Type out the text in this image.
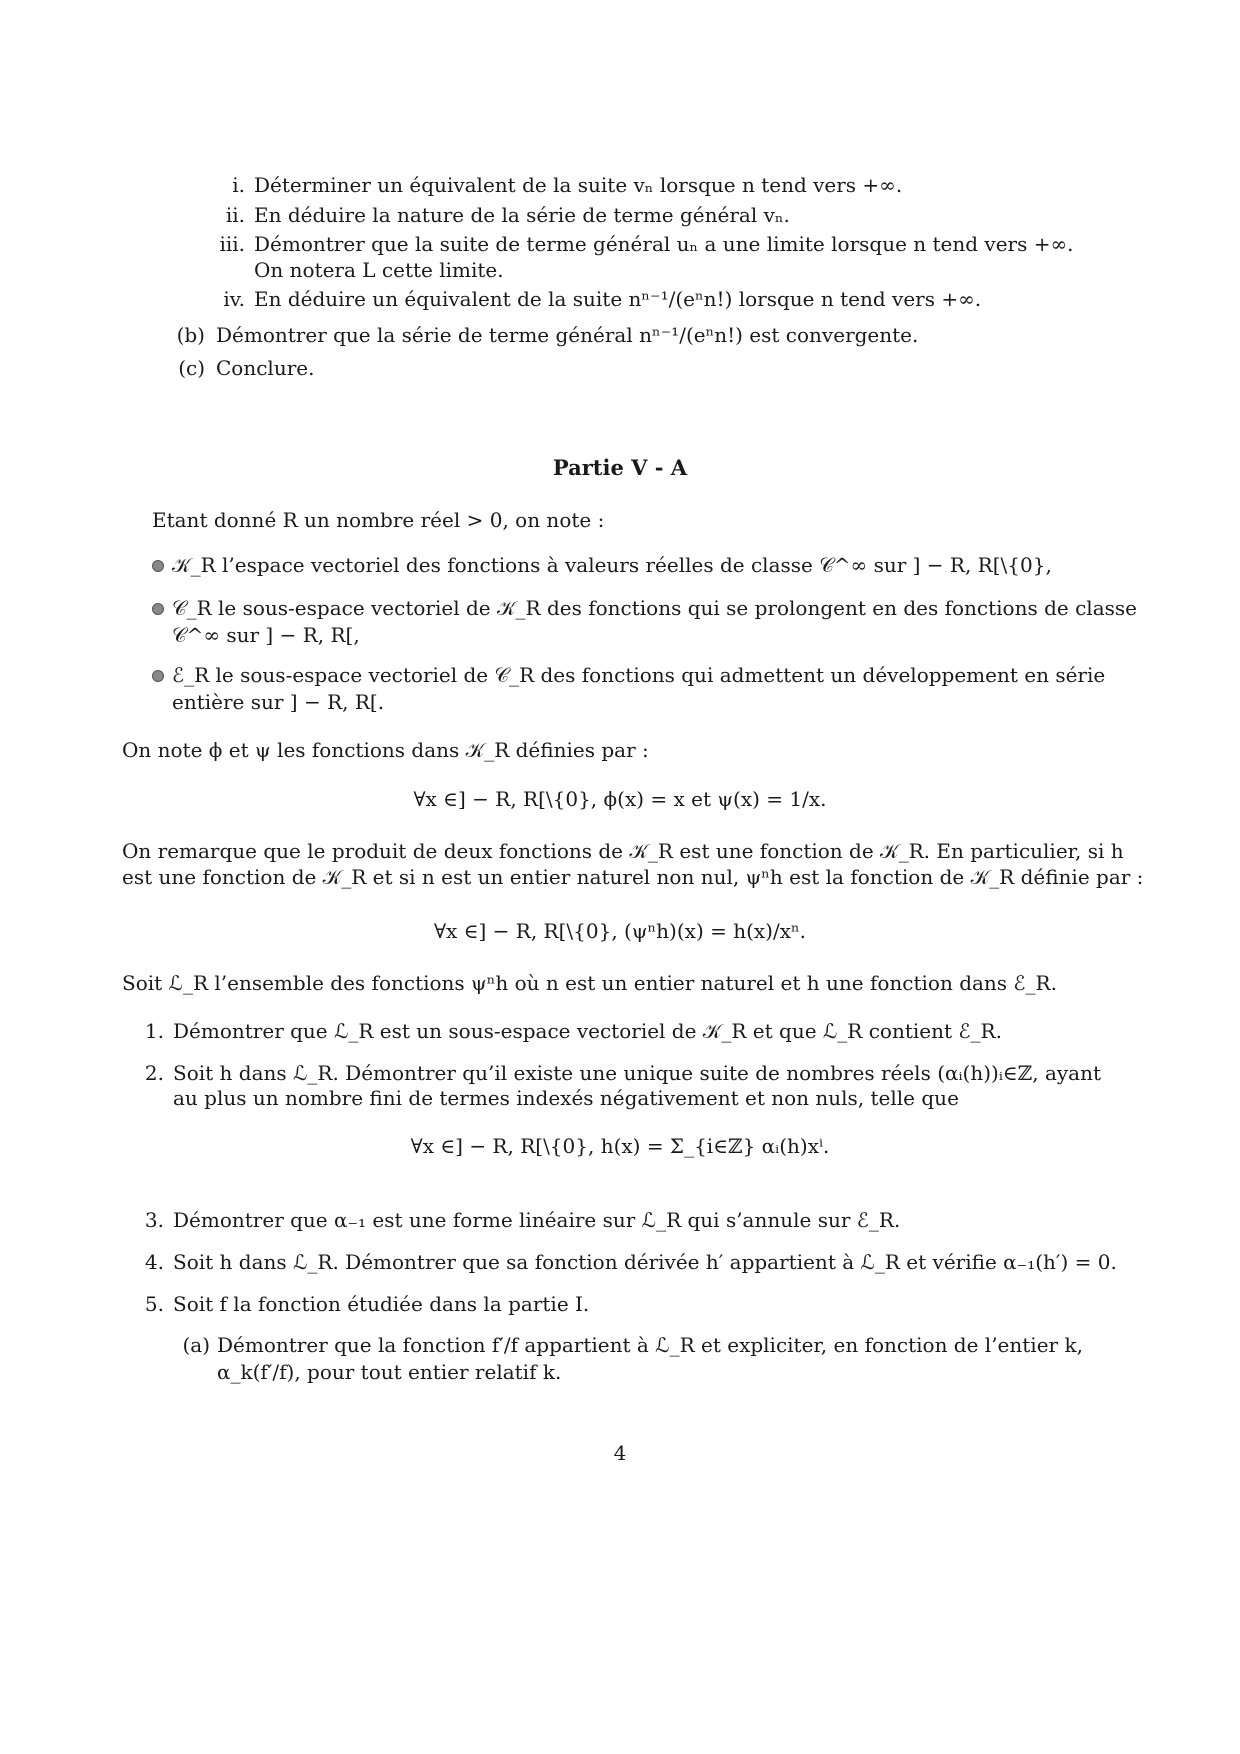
i. Déterminer un équivalent de la suite vₙ lorsque n tend vers +∞.
ii. En déduire la nature de la série de terme général vₙ.
iii. Démontrer que la suite de terme général uₙ a une limite lorsque n tend vers +∞.
On notera L cette limite.
iv. En déduire un équivalent de la suite nⁿ⁻¹/(eⁿn!) lorsque n tend vers +∞.
(b) Démontrer que la série de terme général nⁿ⁻¹/(eⁿn!) est convergente.
(c) Conclure.
Partie V - A
Etant donné R un nombre réel > 0, on note :
𝒦_R l’espace vectoriel des fonctions à valeurs réelles de classe 𝒞^∞ sur ] − R, R[\{0},
𝒞_R le sous-espace vectoriel de 𝒦_R des fonctions qui se prolongent en des fonctions de classe
𝒞^∞ sur ] − R, R[,
ℰ_R le sous-espace vectoriel de 𝒞_R des fonctions qui admettent un développement en série
entière sur ] − R, R[.
On note ϕ et ψ les fonctions dans 𝒦_R définies par :
∀x ∈] − R, R[\{0}, ϕ(x) = x et ψ(x) = 1/x.
On remarque que le produit de deux fonctions de 𝒦_R est une fonction de 𝒦_R. En particulier, si h
est une fonction de 𝒦_R et si n est un entier naturel non nul, ψⁿh est la fonction de 𝒦_R définie par :
∀x ∈] − R, R[\{0}, (ψⁿh)(x) = h(x)/xⁿ.
Soit ℒ_R l’ensemble des fonctions ψⁿh où n est un entier naturel et h une fonction dans ℰ_R.
1. Démontrer que ℒ_R est un sous-espace vectoriel de 𝒦_R et que ℒ_R contient ℰ_R.
2. Soit h dans ℒ_R. Démontrer qu’il existe une unique suite de nombres réels (αᵢ(h))ᵢ∈ℤ, ayant
au plus un nombre fini de termes indexés négativement et non nuls, telle que
∀x ∈] − R, R[\{0}, h(x) = Σ_{i∈ℤ} αᵢ(h)xⁱ.
3. Démontrer que α₋₁ est une forme linéaire sur ℒ_R qui s’annule sur ℰ_R.
4. Soit h dans ℒ_R. Démontrer que sa fonction dérivée h′ appartient à ℒ_R et vérifie α₋₁(h′) = 0.
5. Soit f la fonction étudiée dans la partie I.
(a) Démontrer que la fonction f′/f appartient à ℒ_R et expliciter, en fonction de l’entier k,
α_k(f′/f), pour tout entier relatif k.
4
